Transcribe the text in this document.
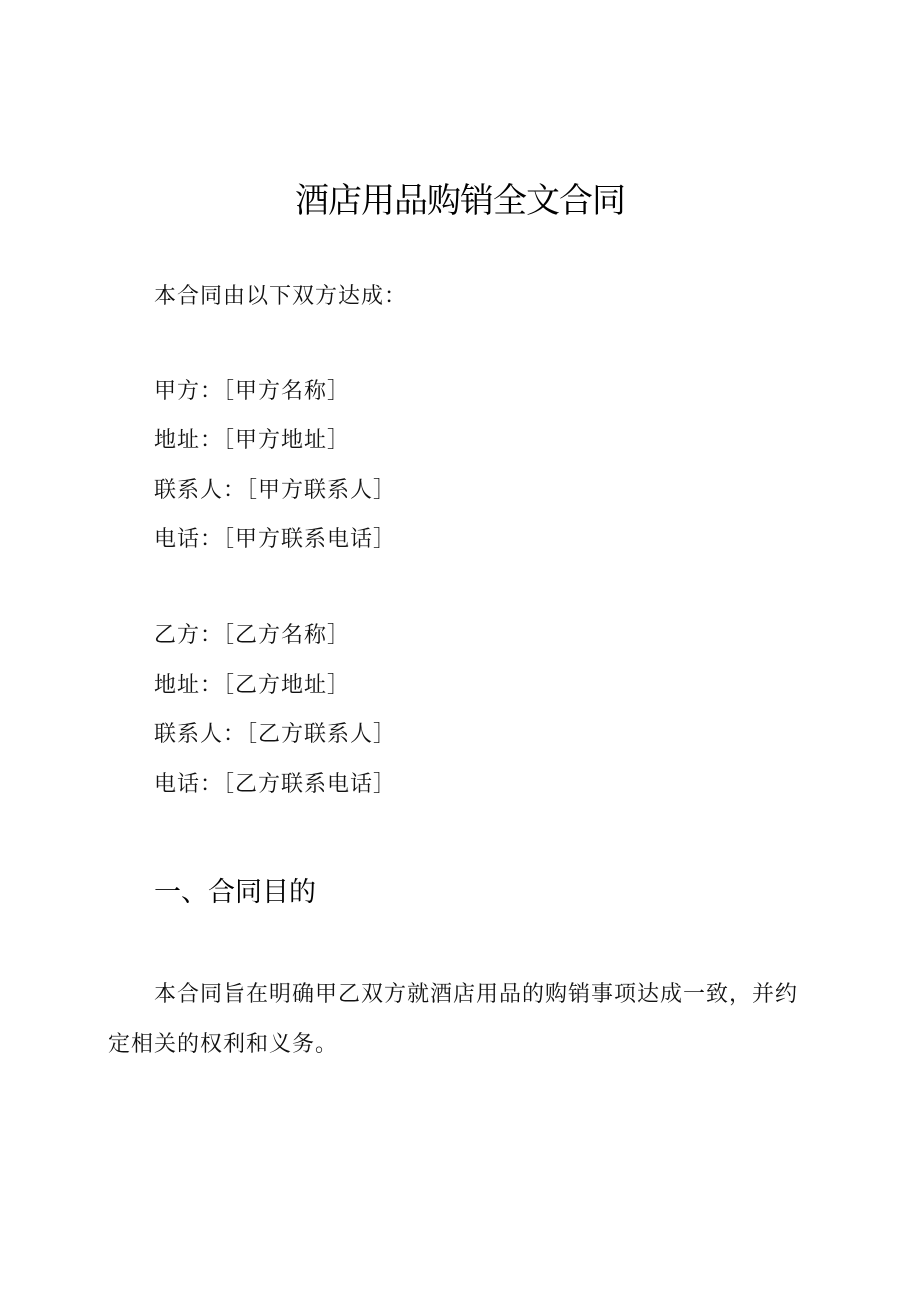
酒店用品购销全文合同
本合同由以下双方达成：
甲方：［甲方名称］
地址：［甲方地址］
联系人：［甲方联系人］
电话：［甲方联系电话］
乙方：［乙方名称］
地址：［乙方地址］
联系人：［乙方联系人］
电话：［乙方联系电话］
一、合同目的
本合同旨在明确甲乙双方就酒店用品的购销事项达成一致，并约定相关的权利和义务。
